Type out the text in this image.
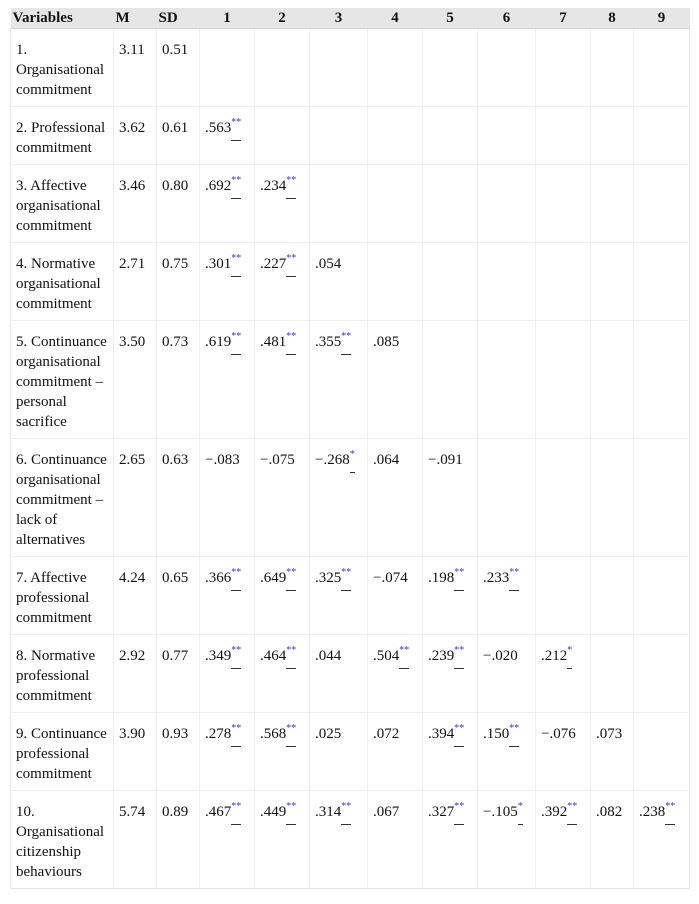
Variables	M	SD	1	2	3	4	5	6	7	8	9
1. Organisational commitment	3.11	0.51									
2. Professional commitment	3.62	0.61	.563**								
3. Affective organisational commitment	3.46	0.80	.692**	.234**							
4. Normative organisational commitment	2.71	0.75	.301**	.227**	.054						
5. Continuance organisational commitment – personal sacrifice	3.50	0.73	.619**	.481**	.355**	.085					
6. Continuance organisational commitment – lack of alternatives	2.65	0.63	−.083	−.075	−.268*	.064	−.091				
7. Affective professional commitment	4.24	0.65	.366**	.649**	.325**	−.074	.198**	.233**			
8. Normative professional commitment	2.92	0.77	.349**	.464**	.044	.504**	.239**	−.020	.212*		
9. Continuance professional commitment	3.90	0.93	.278**	.568**	.025	.072	.394**	.150**	−.076	.073	
10. Organisational citizenship behaviours	5.74	0.89	.467**	.449**	.314**	.067	.327**	−.105*	.392**	.082	.238**
